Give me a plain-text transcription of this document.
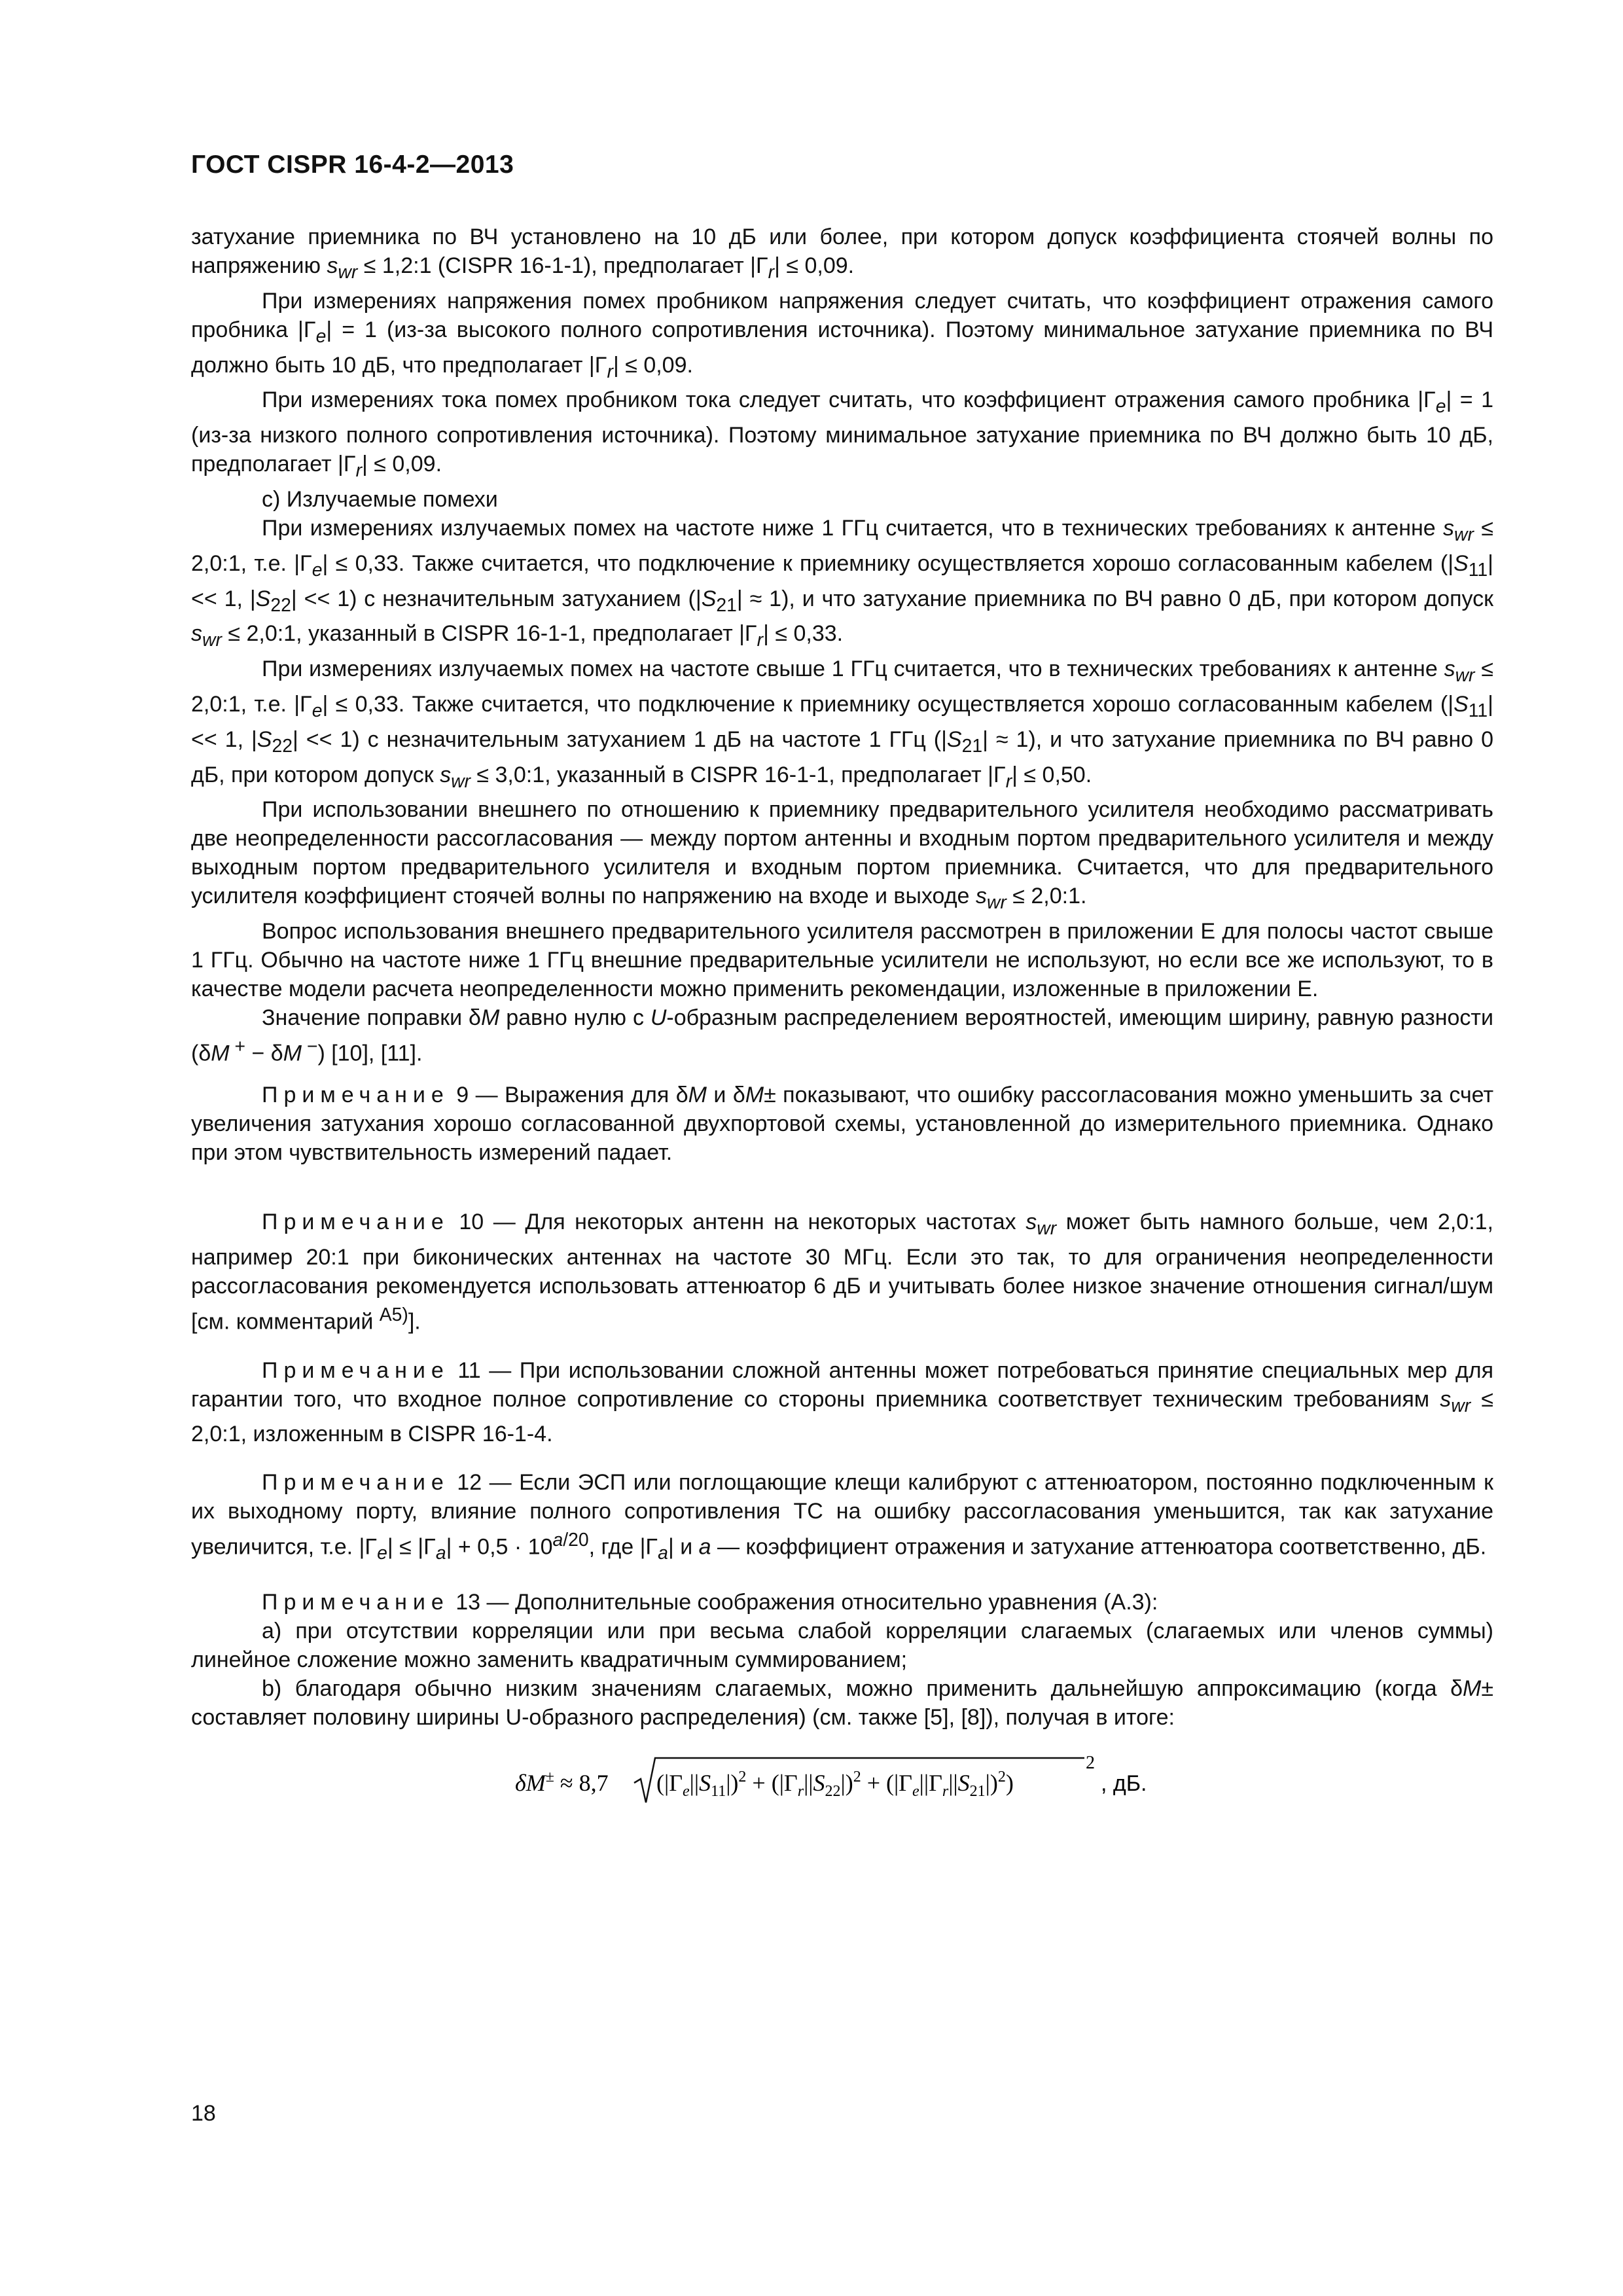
ГОСТ CISPR 16-4-2—2013

затухание приемника по ВЧ установлено на 10 дБ или более, при котором допуск коэффициента стоячей волны по напряжению $s_{wr}$ ≤ 1,2:1 (CISPR 16-1-1), предполагает $|\Gamma_r| \le 0,09$.

При измерениях напряжения помех пробником напряжения следует считать, что коэффициент отражения самого пробника $|\Gamma_e| = 1$ (из-за высокого полного сопротивления источника). Поэтому минимальное затухание приемника по ВЧ должно быть 10 дБ, что предполагает $|\Gamma_r| \le 0,09$.

При измерениях тока помех пробником тока следует считать, что коэффициент отражения самого пробника $|\Gamma_e| = 1$ (из-за низкого полного сопротивления источника). Поэтому минимальное затухание приемника по ВЧ должно быть 10 дБ, предполагает $|\Gamma_r| \le 0,09$.

c) Излучаемые помехи

При измерениях излучаемых помех на частоте ниже 1 ГГц считается, что в технических требованиях к антенне $s_{wr}$ ≤ 2,0:1, т.е. $|\Gamma_e| \le 0,33$. Также считается, что подключение к приемнику осуществляется хорошо согласованным кабелем ($|S_{11}| << 1$, $|S_{22}| << 1$) с незначительным затуханием $(|S_{21}| \approx 1)$, и что затухание приемника по ВЧ равно 0 дБ, при котором допуск $s_{wr}$ ≤ 2,0:1, указанный в CISPR 16-1-1, предполагает $|\Gamma_r| \le 0,33$.

При измерениях излучаемых помех на частоте свыше 1 ГГц считается, что в технических требованиях к антенне $s_{wr}$ ≤ 2,0:1, т.е. $|\Gamma_e| \le 0,33$. Также считается, что подключение к приемнику осуществляется хорошо согласованным кабелем ($|S_{11}| << 1$, $|S_{22}| << 1$) с незначительным затуханием 1 дБ на частоте 1 ГГц $(|S_{21}| \approx 1)$, и что затухание приемника по ВЧ равно 0 дБ, при котором допуск $s_{wr}$ ≤ 3,0:1, указанный в CISPR 16-1-1, предполагает $|\Gamma_r| \le 0,50$.

При использовании внешнего по отношению к приемнику предварительного усилителя необходимо рассматривать две неопределенности рассогласования — между портом антенны и входным портом предварительного усилителя и между выходным портом предварительного усилителя и входным портом приемника. Считается, что для предварительного усилителя коэффициент стоячей волны по напряжению на входе и выходе $s_{wr}$ ≤ 2,0:1.

Вопрос использования внешнего предварительного усилителя рассмотрен в приложении E для полосы частот свыше 1 ГГц. Обычно на частоте ниже 1 ГГц внешние предварительные усилители не используют, но если все же используют, то в качестве модели расчета неопределенности можно применить рекомендации, изложенные в приложении E.

Значение поправки δM равно нулю с U-образным распределением вероятностей, имеющим ширину, равную разности (δM + − δM −) [10], [11].

Примечание 9 — Выражения для δM и δM± показывают, что ошибку рассогласования можно уменьшить за счет увеличения затухания хорошо согласованной двухпортовой схемы, установленной до измерительного приемника. Однако при этом чувствительность измерений падает.

Примечание 10 — Для некоторых антенн на некоторых частотах $s_{wr}$ может быть намного больше, чем 2,0:1, например 20:1 при биконических антеннах на частоте 30 МГц. Если это так, то для ограничения неопределенности рассогласования рекомендуется использовать аттенюатор 6 дБ и учитывать более низкое значение отношения сигнал/шум [см. комментарий $^{A5)}$].

Примечание 11 — При использовании сложной антенны может потребоваться принятие специальных мер для гарантии того, что входное полное сопротивление со стороны приемника соответствует техническим требованиям $s_{wr}$ ≤ 2,0:1, изложенным в CISPR 16-1-4.

Примечание 12 — Если ЭСП или поглощающие клещи калибруют с аттенюатором, постоянно подключенным к их выходному порту, влияние полного сопротивления ТС на ошибку рассогласования уменьшится, так как затухание увеличится, т.е. $|\Gamma_e| \le |\Gamma_a| + 0,5 \cdot 10^{a/20}$, где $|\Gamma_a|$ и a — коэффициент отражения и затухание аттенюатора соответственно, дБ.

Примечание 13 — Дополнительные соображения относительно уравнения (A.3):

a) при отсутствии корреляции или при весьма слабой корреляции слагаемых (слагаемых или членов суммы) линейное сложение можно заменить квадратичным суммированием;

b) благодаря обычно низким значениям слагаемых, можно применить дальнейшую аппроксимацию (когда δM± составляет половину ширины U-образного распределения) (см. также [5], [8]), получая в итоге:

δM± ≈ 8,7 $(|\Gamma_e||S_{11}|)^2 + (|\Gamma_r||S_{22}|)^2 + (|\Gamma_e||\Gamma_r||S_{21}|)^2$)
2
, дБ.
18
